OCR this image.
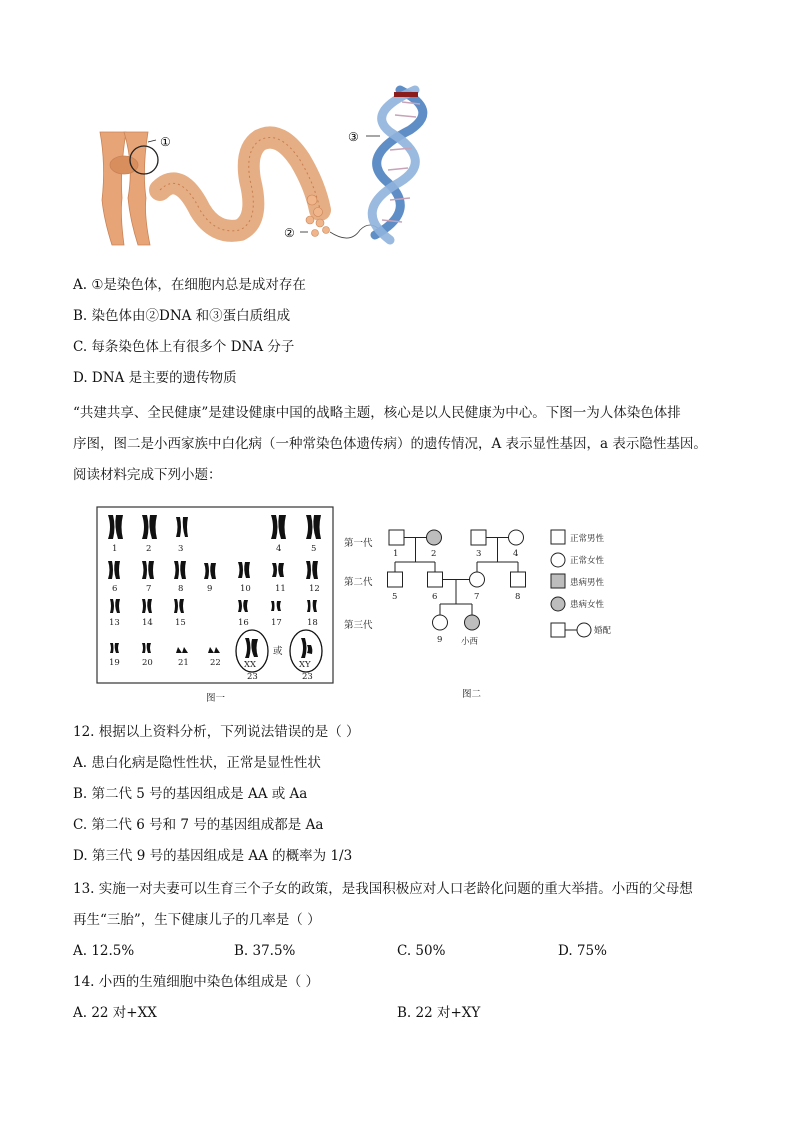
①
②
③
A. ①是染色体，在细胞内总是成对存在
B. 染色体由②DNA 和③蛋白质组成
C. 每条染色体上有很多个 DNA 分子
D. DNA 是主要的遗传物质
“共建共享、全民健康”是建设健康中国的战略主题，核心是以人民健康为中心。下图一为人体染色体排
序图，图二是小西家族中白化病（一种常染色体遗传病）的遗传情况，A 表示显性基因，a 表示隐性基因。
阅读材料完成下列小题：
1	2	3	4	5
6	7	8	9	10	11	12
13	14	15	16	17	18
19	20	21 22	XX	XY
或
23	23
图一
第一代
第二代
第三代
1	2	3	4
5	6	7	8
9 小西
正常男性
正常女性
患病男性
患病女性
婚配
图二
12. 根据以上资料分析，下列说法错误的是（ ）
A. 患白化病是隐性性状，正常是显性性状
B. 第二代 5 号的基因组成是 AA 或 Aa
C. 第二代 6 号和 7 号的基因组成都是 Aa
D. 第三代 9 号的基因组成是 AA 的概率为 1/3
13. 实施一对夫妻可以生育三个子女的政策，是我国积极应对人口老龄化问题的重大举措。小西的父母想
再生“三胎”，生下健康儿子的几率是（ ）
A. 12.5%	B. 37.5%	C. 50%	D. 75%
14. 小西的生殖细胞中染色体组成是（ ）
A. 22 对+XX	B. 22 对+XY
